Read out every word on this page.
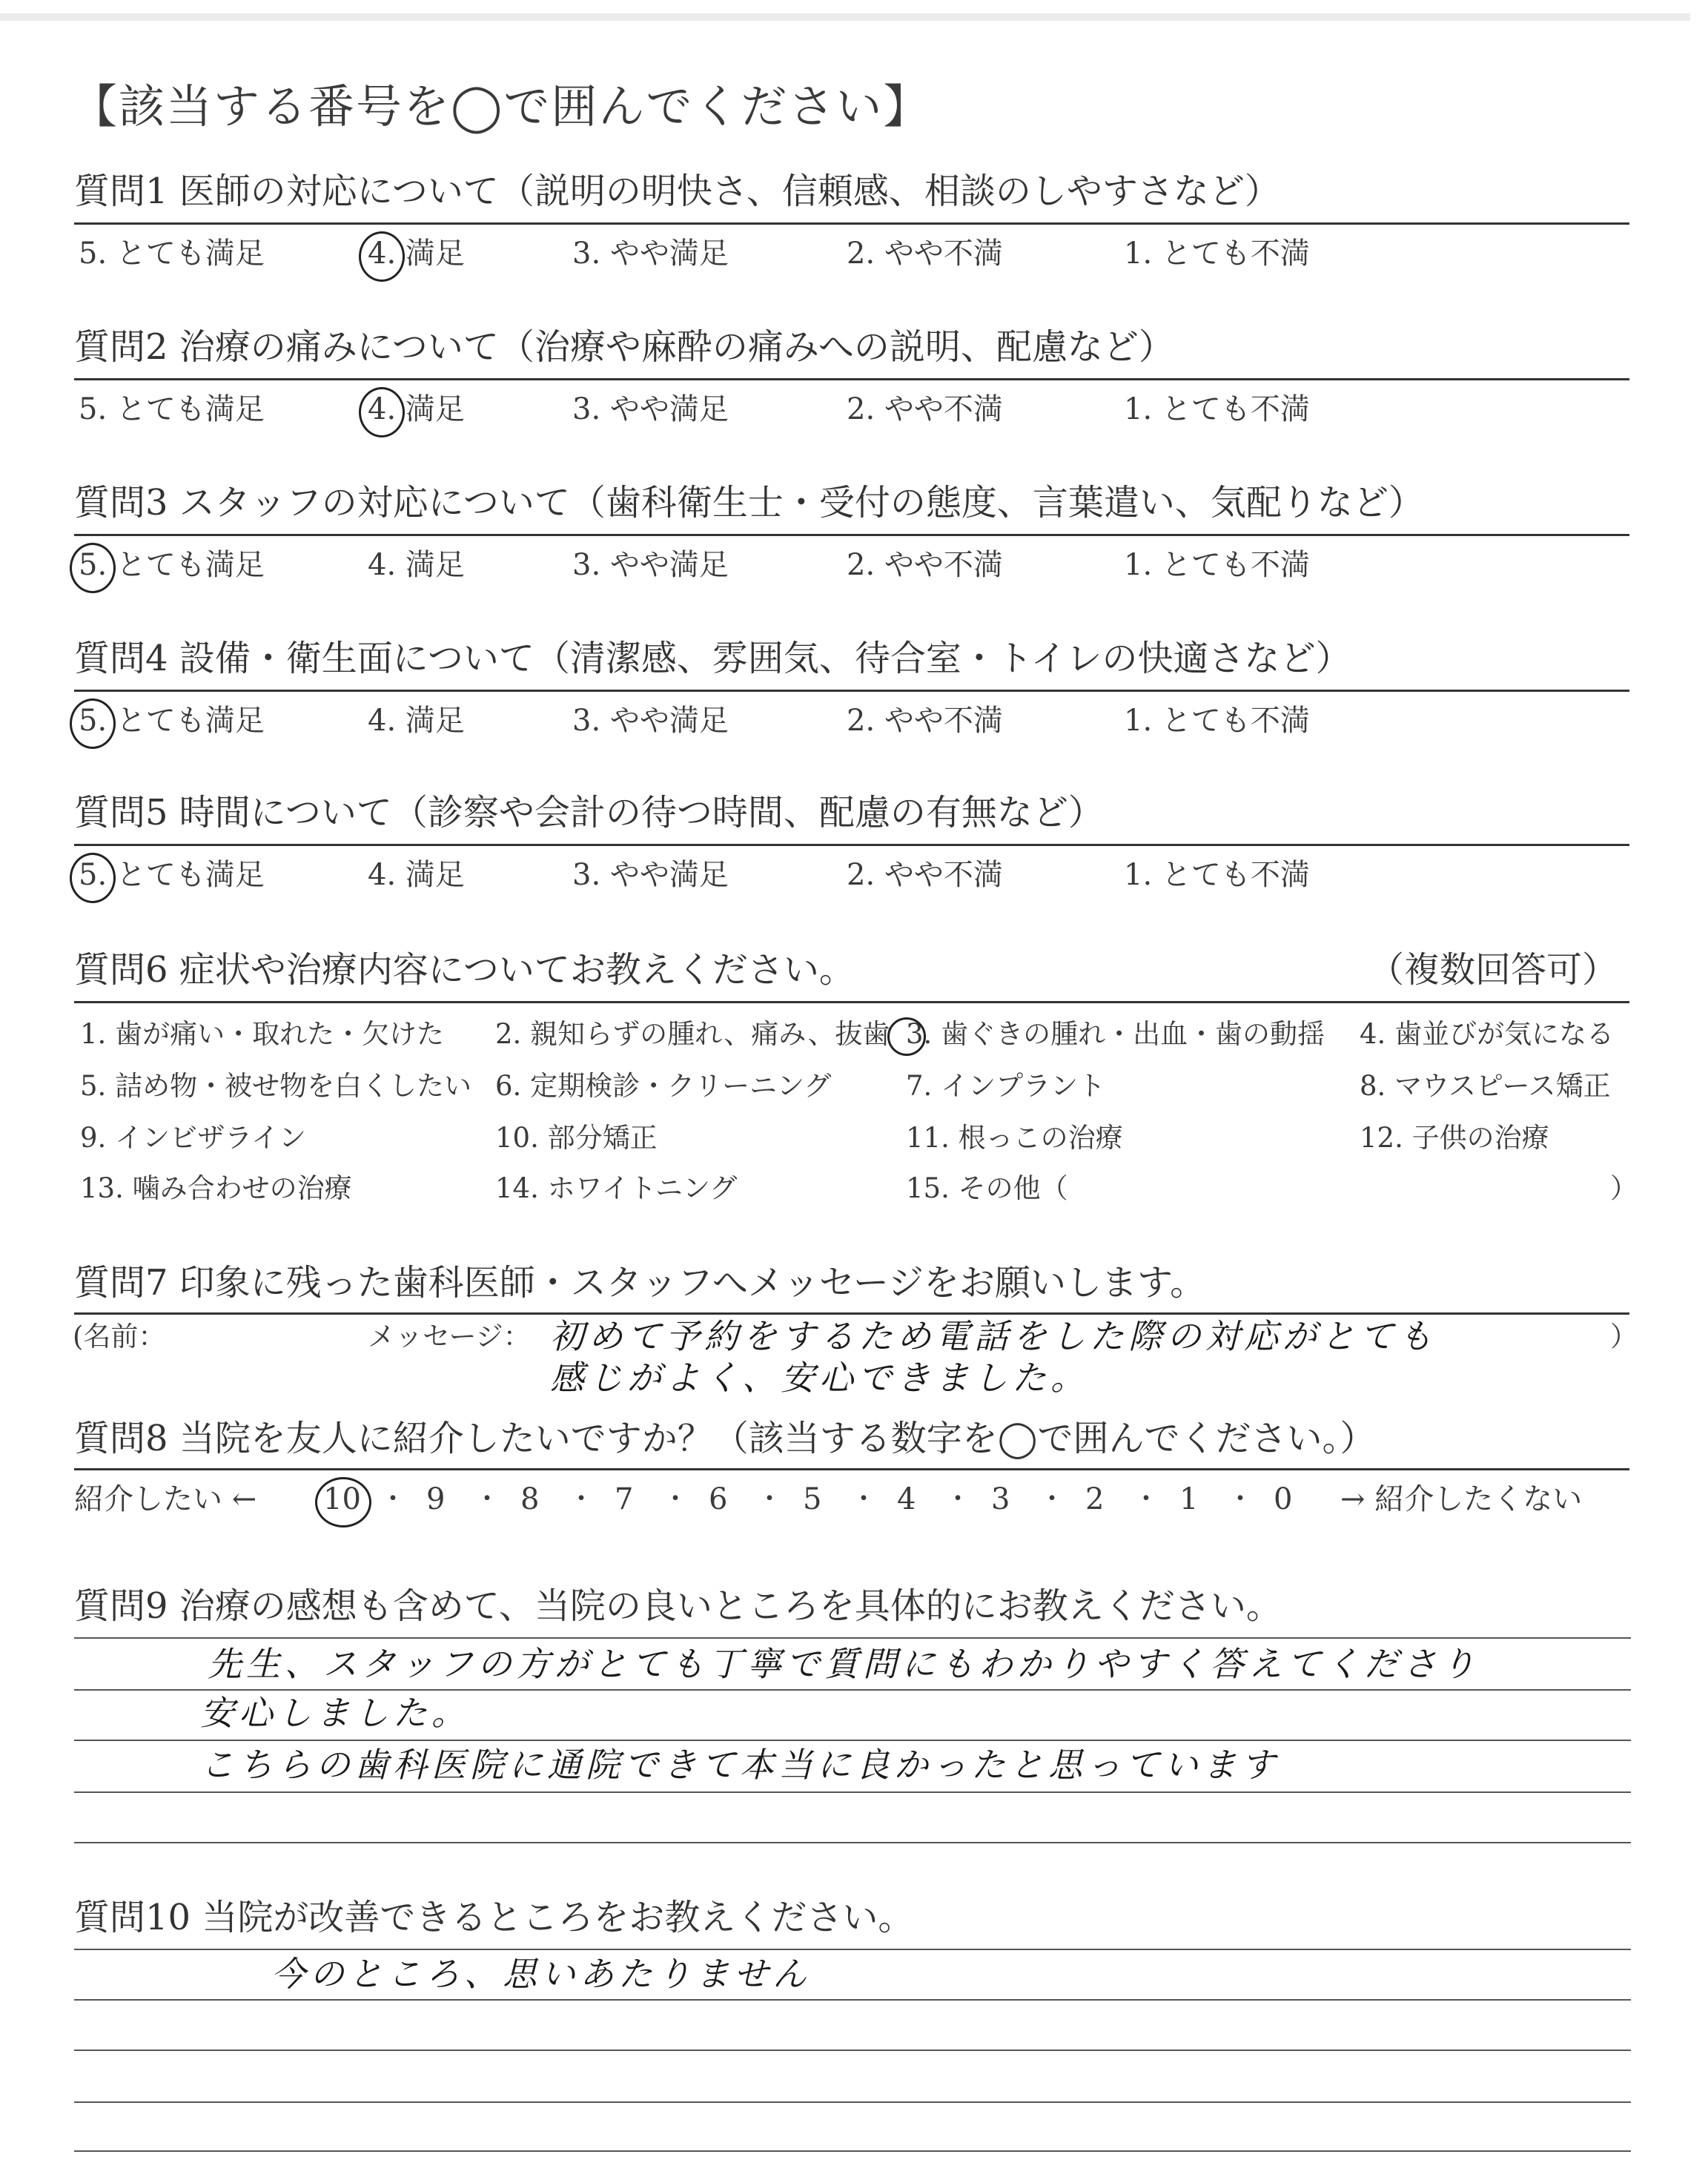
【該当する番号を◯で囲んでください】
質問1 医師の対応について（説明の明快さ、信頼感、相談のしやすさなど）
5. とても満足	4. 満足	3. やや満足	2. やや不満	1. とても不満
質問2 治療の痛みについて（治療や麻酔の痛みへの説明、配慮など）
5. とても満足	4. 満足	3. やや満足	2. やや不満	1. とても不満
質問3 スタッフの対応について（歯科衛生士・受付の態度、言葉遣い、気配りなど）
5. とても満足	4. 満足	3. やや満足	2. やや不満	1. とても不満
質問4 設備・衛生面について（清潔感、雰囲気、待合室・トイレの快適さなど）
5. とても満足	4. 満足	3. やや満足	2. やや不満	1. とても不満
質問5 時間について（診察や会計の待つ時間、配慮の有無など）
5. とても満足	4. 満足	3. やや満足	2. やや不満	1. とても不満
質問6 症状や治療内容についてお教えください。	（複数回答可）
1. 歯が痛い・取れた・欠けた 2. 親知らずの腫れ、痛み、抜歯 3. 歯ぐきの腫れ・出血・歯の動揺 4. 歯並びが気になる
5. 詰め物・被せ物を白くしたい 6. 定期検診・クリーニング	7. インプラント	8. マウスピース矯正
9. インビザライン	10. 部分矯正	11. 根っこの治療	12. 子供の治療
13. 噛み合わせの治療	14. ホワイトニング	15. その他（	）
質問7 印象に残った歯科医師・スタッフへメッセージをお願いします。
(名前：	メッセージ： 初めて予約をするため電話をした際の対応がとても
感じがよく、安心できました。
）
質問8 当院を友人に紹介したいですか？（該当する数字を◯で囲んでください。）
紹介したい ←	→ 紹介したくない
10 ・ 9 ・ 8 ・ 7 ・ 6 ・ 5 ・ 4 ・ 3 ・ 2 ・ 1 ・ 0
質問9 治療の感想も含めて、当院の良いところを具体的にお教えください。
先生、スタッフの方がとても丁寧で質問にもわかりやすく答えてくださり
安心しました。
こちらの歯科医院に通院できて本当に良かったと思っています
質問10 当院が改善できるところをお教えください。
今のところ、思いあたりません
